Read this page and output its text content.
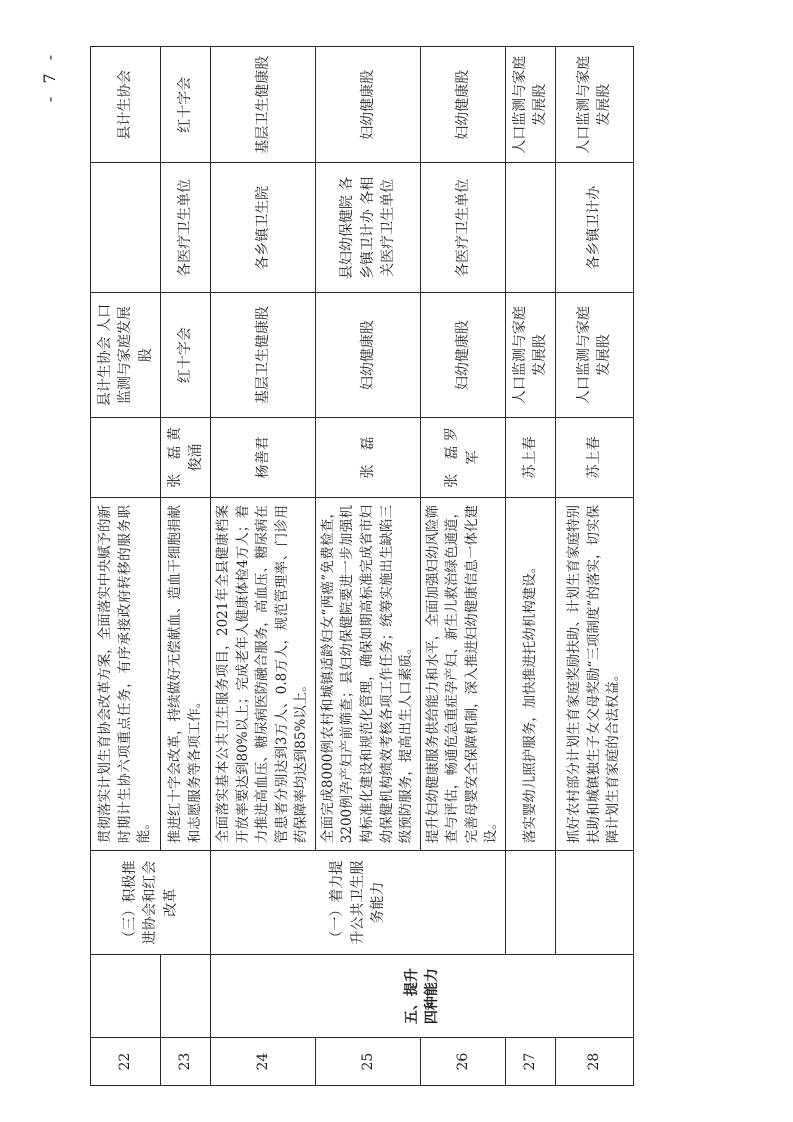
- 7 -
22		（三）积极推进协会和红会改革	贯彻落实计划生育协会改革方案，全面落实中央赋予的新时期计生协六项重点任务，有序承接政府转移的服务职能。		县计生协会 人口监测与家庭发展股		县计生协会
23			推进红十字会改革，持续做好无偿献血、造血干细胞捐献和志愿服务等各项工作。	张　磊 黄俊涌	红十字会	各医疗卫生单位	红十字会
24	五、提升四种能力	（一）着力提升公共卫生服务能力	全面落实基本公共卫生服务项目，2021年全县健康档案开放率要达到80%以上；完成老年人健康体检4万人；着力推进高血压、糖尿病医防融合服务，高血压、糖尿病在管患者分别达到3万人、0.8万人，规范管理率、门诊用药保障率均达到85%以上。	杨善君	基层卫生健康股	各乡镇卫生院	基层卫生健康股
25			全面完成8000例农村和城镇适龄妇女“两癌”免费检查，3200例孕产妇产前筛查；县妇幼保健院要进一步加强机构标准化建设和规范化管理，确保如期高标准完成省市妇幼保健机构绩效考核各项工作任务；统筹实施出生缺陷三级预防服务，提高出生人口素质。	张　磊	妇幼健康股	县妇幼保健院 各乡镇卫计办 各相关医疗卫生单位	妇幼健康股
26			提升妇幼健康服务供给能力和水平，全面加强妇幼风险筛查与评估，畅通危急重症孕产妇、新生儿救治绿色通道，完善母婴安全保障机制，深入推进妇幼健康信息一体化建设。	张　磊 罗　军	妇幼健康股	各医疗卫生单位	妇幼健康股
27			落实婴幼儿照护服务，加快推进托幼机构建设。	苏上春	人口监测与家庭发展股		人口监测与家庭发展股
28			抓好农村部分计划生育家庭奖励扶助、计划生育家庭特别扶助和城镇独生子女父母奖励“三项制度”的落实，切实保障计划生育家庭的合法权益。	苏上春	人口监测与家庭发展股	各乡镇卫计办	人口监测与家庭发展股
